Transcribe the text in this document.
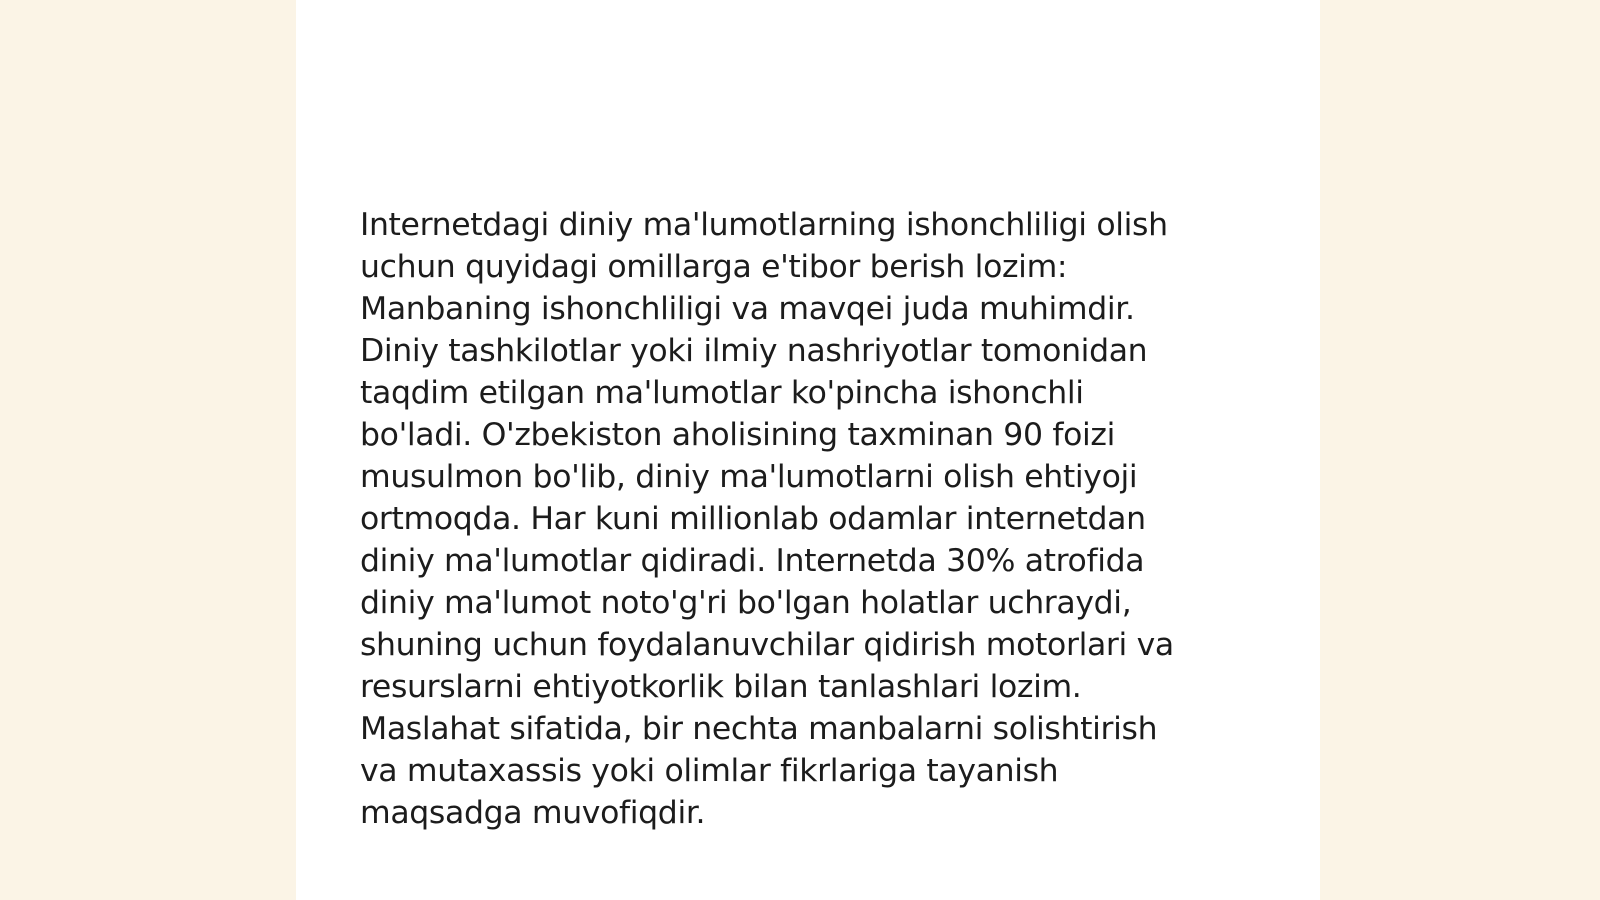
Internetdagi diniy ma'lumotlarning ishonchliligi olish
uchun quyidagi omillarga e'tibor berish lozim:
Manbaning ishonchliligi va mavqei juda muhimdir.
Diniy tashkilotlar yoki ilmiy nashriyotlar tomonidan
taqdim etilgan ma'lumotlar ko'pincha ishonchli
bo'ladi. O'zbekiston aholisining taxminan 90 foizi
musulmon bo'lib, diniy ma'lumotlarni olish ehtiyoji
ortmoqda. Har kuni millionlab odamlar internetdan
diniy ma'lumotlar qidiradi. Internetda 30% atrofida
diniy ma'lumot noto'g'ri bo'lgan holatlar uchraydi,
shuning uchun foydalanuvchilar qidirish motorlari va
resurslarni ehtiyotkorlik bilan tanlashlari lozim.
Maslahat sifatida, bir nechta manbalarni solishtirish
va mutaxassis yoki olimlar fikrlariga tayanish
maqsadga muvofiqdir.
